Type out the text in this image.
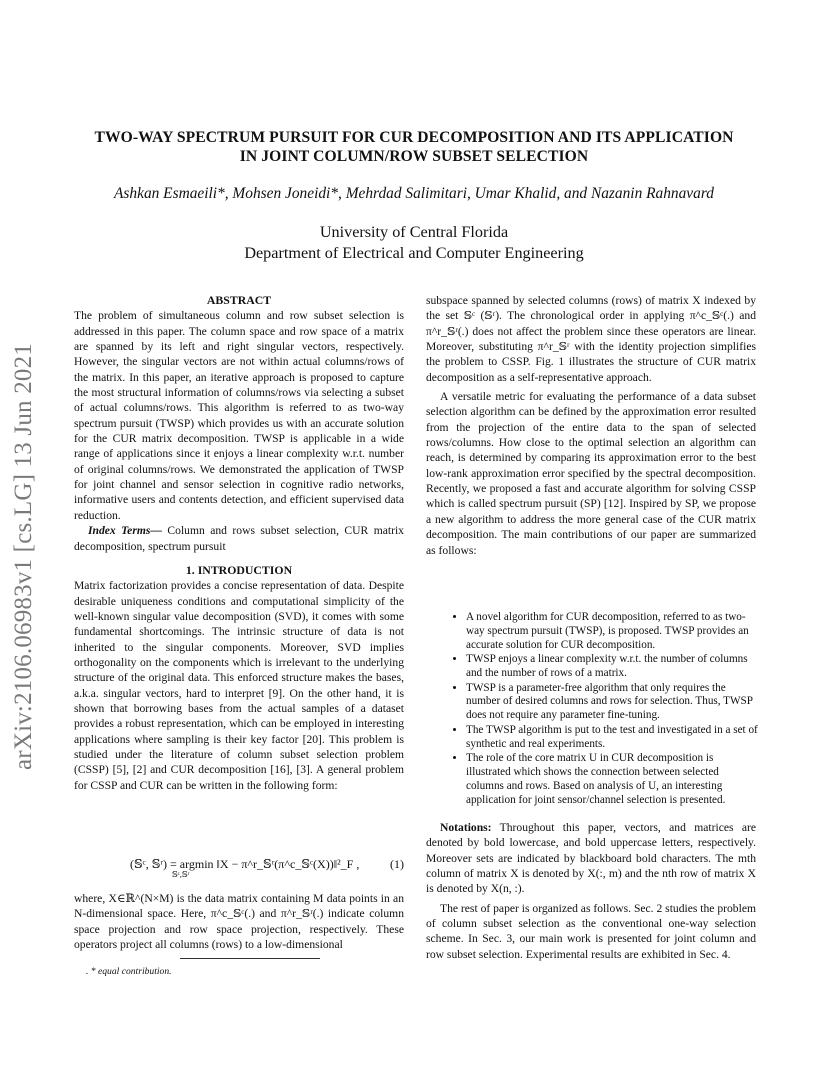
arXiv:2106.06983v1 [cs.LG] 13 Jun 2021
TWO-WAY SPECTRUM PURSUIT FOR CUR DECOMPOSITION AND ITS APPLICATION
IN JOINT COLUMN/ROW SUBSET SELECTION
Ashkan Esmaeili*, Mohsen Joneidi*, Mehrdad Salimitari, Umar Khalid, and Nazanin Rahnavard
University of Central Florida
Department of Electrical and Computer Engineering
ABSTRACT

The problem of simultaneous column and row subset selection is addressed in this paper. The column space and row space of a matrix are spanned by its left and right singular vectors, respectively. However, the singular vectors are not within actual columns/rows of the matrix. In this paper, an iterative approach is proposed to capture the most structural information of columns/rows via selecting a subset of actual columns/rows. This algorithm is referred to as two-way spectrum pursuit (TWSP) which provides us with an accurate solution for the CUR matrix decomposition. TWSP is applicable in a wide range of applications since it enjoys a linear complexity w.r.t. number of original columns/rows. We demonstrated the application of TWSP for joint channel and sensor selection in cognitive radio networks, informative users and contents detection, and efficient supervised data reduction.

Index Terms— Column and rows subset selection, CUR matrix decomposition, spectrum pursuit

1. INTRODUCTION

Matrix factorization provides a concise representation of data. Despite desirable uniqueness conditions and computational simplicity of the well-known singular value decomposition (SVD), it comes with some fundamental shortcomings. The intrinsic structure of data is not inherited to the singular components. Moreover, SVD implies orthogonality on the components which is irrelevant to the underlying structure of the original data. This enforced structure makes the bases, a.k.a. singular vectors, hard to interpret [9]. On the other hand, it is shown that borrowing bases from the actual samples of a dataset provides a robust representation, which can be employed in interesting applications where sampling is their key factor [20]. This problem is studied under the literature of column subset selection problem (CSSP) [5], [2] and CUR decomposition [16], [3]. A general problem for CSSP and CUR can be written in the following form:

(𝕊ᶜ, 𝕊ʳ) = argmin ‖X − π^r_𝕊ʳ(π^c_𝕊ᶜ(X))‖²_F ,
𝕊ᶜ,𝕊ʳ
(1)

where, X∈ℝ^(N×M) is the data matrix containing M data points in an N-dimensional space. Here, π^c_𝕊ᶜ(.) and π^r_𝕊ʳ(.) indicate column space projection and row space projection, respectively. These operators project all columns (rows) to a low-dimensional

. * equal contribution.

subspace spanned by selected columns (rows) of matrix X indexed by the set 𝕊ᶜ (𝕊ʳ). The chronological order in applying π^c_𝕊ᶜ(.) and π^r_𝕊ʳ(.) does not affect the problem since these operators are linear. Moreover, substituting π^r_𝕊ʳ with the identity projection simplifies the problem to CSSP. Fig. 1 illustrates the structure of CUR matrix decomposition as a self-representative approach.

A versatile metric for evaluating the performance of a data subset selection algorithm can be defined by the approximation error resulted from the projection of the entire data to the span of selected rows/columns. How close to the optimal selection an algorithm can reach, is determined by comparing its approximation error to the best low-rank approximation error specified by the spectral decomposition. Recently, we proposed a fast and accurate algorithm for solving CSSP which is called spectrum pursuit (SP) [12]. Inspired by SP, we propose a new algorithm to address the more general case of the CUR matrix decomposition. The main contributions of our paper are summarized as follows:

• A novel algorithm for CUR decomposition, referred to as two-way spectrum pursuit (TWSP), is proposed. TWSP provides an accurate solution for CUR decomposition.
• TWSP enjoys a linear complexity w.r.t. the number of columns and the number of rows of a matrix.
• TWSP is a parameter-free algorithm that only requires the number of desired columns and rows for selection. Thus, TWSP does not require any parameter fine-tuning.
• The TWSP algorithm is put to the test and investigated in a set of synthetic and real experiments.
• The role of the core matrix U in CUR decomposition is illustrated which shows the connection between selected columns and rows. Based on analysis of U, an interesting application for joint sensor/channel selection is presented.

Notations: Throughout this paper, vectors, and matrices are denoted by bold lowercase, and bold uppercase letters, respectively. Moreover sets are indicated by blackboard bold characters. The mth column of matrix X is denoted by X(:, m) and the nth row of matrix X is denoted by X(n, :).

The rest of paper is organized as follows. Sec. 2 studies the problem of column subset selection as the conventional one-way selection scheme. In Sec. 3, our main work is presented for joint column and row subset selection. Experimental results are exhibited in Sec. 4.
